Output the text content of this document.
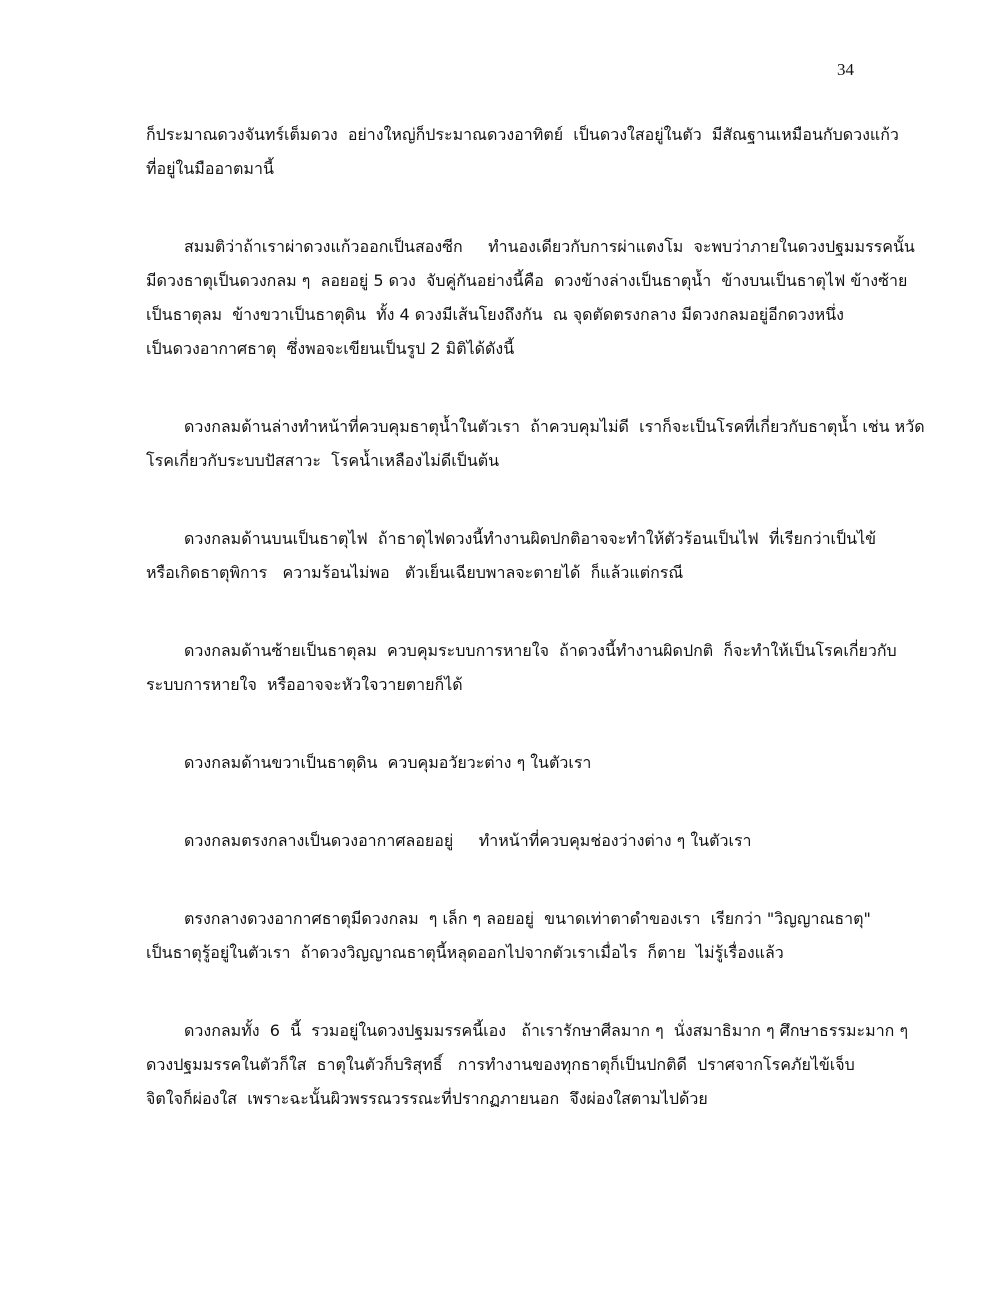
34

ก็ประมาณดวงจันทร์เต็มดวง  อย่างใหญ่ก็ประมาณดวงอาทิตย์  เป็นดวงใสอยู่ในตัว  มีสัณฐานเหมือนกับดวงแก้ว
ที่อยู่ในมืออาตมานี้

สมมติว่าถ้าเราผ่าดวงแก้วออกเป็นสองซีก     ทำนองเดียวกับการผ่าแตงโม  จะพบว่าภายในดวงปฐมมรรคนั้น
มีดวงธาตุเป็นดวงกลม ๆ  ลอยอยู่ 5 ดวง  จับคู่กันอย่างนี้คือ  ดวงข้างล่างเป็นธาตุน้ำ  ข้างบนเป็นธาตุไฟ ข้างซ้าย
เป็นธาตุลม  ข้างขวาเป็นธาตุดิน  ทั้ง 4 ดวงมีเส้นโยงถึงกัน  ณ จุดตัดตรงกลาง มีดวงกลมอยู่อีกดวงหนึ่ง
เป็นดวงอากาศธาตุ  ซึ่งพอจะเขียนเป็นรูป 2 มิติได้ดังนี้

ดวงกลมด้านล่างทำหน้าที่ควบคุมธาตุน้ำในตัวเรา  ถ้าควบคุมไม่ดี  เราก็จะเป็นโรคที่เกี่ยวกับธาตุน้ำ เช่น หวัด
โรคเกี่ยวกับระบบปัสสาวะ  โรคน้ำเหลืองไม่ดีเป็นต้น

ดวงกลมด้านบนเป็นธาตุไฟ  ถ้าธาตุไฟดวงนี้ทำงานผิดปกติอาจจะทำให้ตัวร้อนเป็นไฟ  ที่เรียกว่าเป็นไข้
หรือเกิดธาตุพิการ   ความร้อนไม่พอ   ตัวเย็นเฉียบพาลจะตายได้  ก็แล้วแต่กรณี

ดวงกลมด้านซ้ายเป็นธาตุลม  ควบคุมระบบการหายใจ  ถ้าดวงนี้ทำงานผิดปกติ  ก็จะทำให้เป็นโรคเกี่ยวกับ
ระบบการหายใจ  หรืออาจจะหัวใจวายตายก็ได้

ดวงกลมด้านขวาเป็นธาตุดิน  ควบคุมอวัยวะต่าง ๆ ในตัวเรา

ดวงกลมตรงกลางเป็นดวงอากาศลอยอยู่     ทำหน้าที่ควบคุมช่องว่างต่าง ๆ ในตัวเรา

ตรงกลางดวงอากาศธาตุมีดวงกลม  ๆ เล็ก ๆ ลอยอยู่  ขนาดเท่าตาดำของเรา  เรียกว่า "วิญญาณธาตุ"
เป็นธาตุรู้อยู่ในตัวเรา  ถ้าดวงวิญญาณธาตุนี้หลุดออกไปจากตัวเราเมื่อไร  ก็ตาย  ไม่รู้เรื่องแล้ว

ดวงกลมทั้ง  6  นี้  รวมอยู่ในดวงปฐมมรรคนี้เอง   ถ้าเรารักษาศีลมาก ๆ  นั่งสมาธิมาก ๆ ศึกษาธรรมะมาก ๆ
ดวงปฐมมรรคในตัวก็ใส  ธาตุในตัวก็บริสุทธิ์   การทำงานของทุกธาตุก็เป็นปกติดี  ปราศจากโรคภัยไข้เจ็บ
จิตใจก็ผ่องใส  เพราะฉะนั้นผิวพรรณวรรณะที่ปรากฏภายนอก  จึงผ่องใสตามไปด้วย
